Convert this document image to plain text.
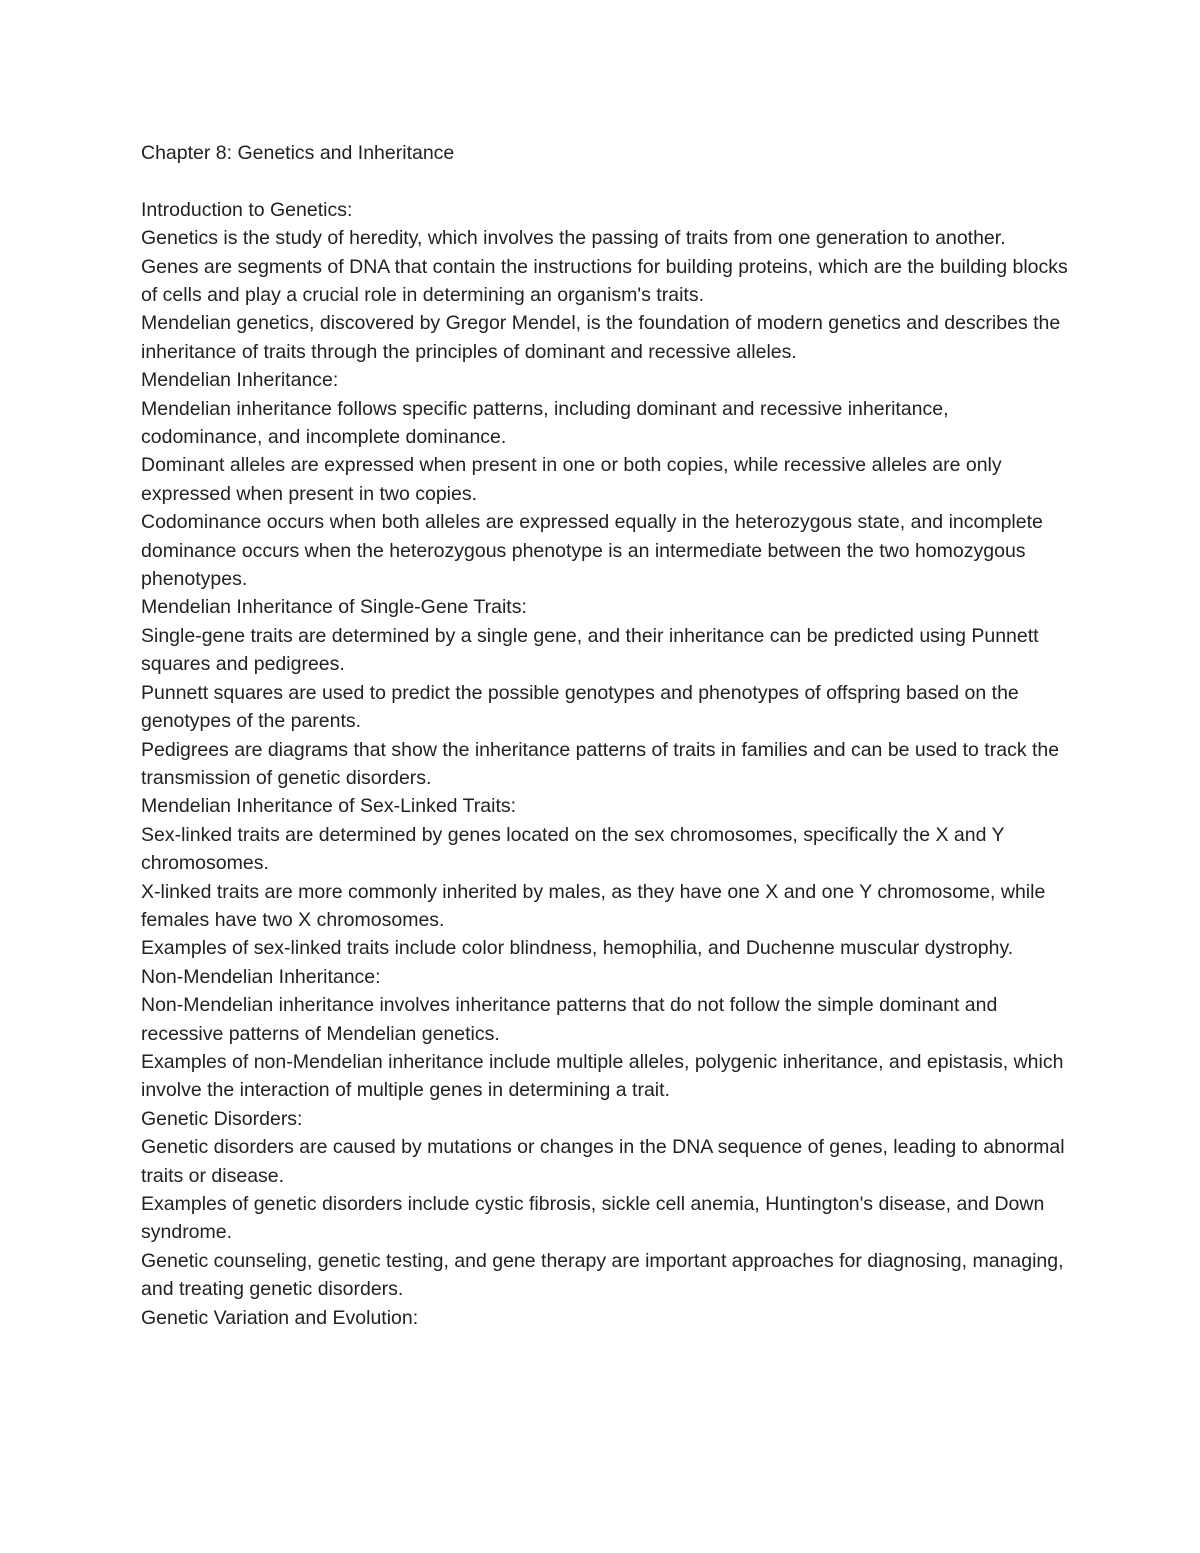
Chapter 8: Genetics and Inheritance

Introduction to Genetics:

Genetics is the study of heredity, which involves the passing of traits from one generation to another.

Genes are segments of DNA that contain the instructions for building proteins, which are the building blocks of cells and play a crucial role in determining an organism's traits.

Mendelian genetics, discovered by Gregor Mendel, is the foundation of modern genetics and describes the inheritance of traits through the principles of dominant and recessive alleles.

Mendelian Inheritance:

Mendelian inheritance follows specific patterns, including dominant and recessive inheritance, codominance, and incomplete dominance.

Dominant alleles are expressed when present in one or both copies, while recessive alleles are only expressed when present in two copies.

Codominance occurs when both alleles are expressed equally in the heterozygous state, and incomplete dominance occurs when the heterozygous phenotype is an intermediate between the two homozygous phenotypes.

Mendelian Inheritance of Single-Gene Traits:

Single-gene traits are determined by a single gene, and their inheritance can be predicted using Punnett squares and pedigrees.

Punnett squares are used to predict the possible genotypes and phenotypes of offspring based on the genotypes of the parents.

Pedigrees are diagrams that show the inheritance patterns of traits in families and can be used to track the transmission of genetic disorders.

Mendelian Inheritance of Sex-Linked Traits:

Sex-linked traits are determined by genes located on the sex chromosomes, specifically the X and Y chromosomes.

X-linked traits are more commonly inherited by males, as they have one X and one Y chromosome, while females have two X chromosomes.

Examples of sex-linked traits include color blindness, hemophilia, and Duchenne muscular dystrophy.

Non-Mendelian Inheritance:

Non-Mendelian inheritance involves inheritance patterns that do not follow the simple dominant and recessive patterns of Mendelian genetics.

Examples of non-Mendelian inheritance include multiple alleles, polygenic inheritance, and epistasis, which involve the interaction of multiple genes in determining a trait.

Genetic Disorders:

Genetic disorders are caused by mutations or changes in the DNA sequence of genes, leading to abnormal traits or disease.

Examples of genetic disorders include cystic fibrosis, sickle cell anemia, Huntington's disease, and Down syndrome.

Genetic counseling, genetic testing, and gene therapy are important approaches for diagnosing, managing, and treating genetic disorders.

Genetic Variation and Evolution:
